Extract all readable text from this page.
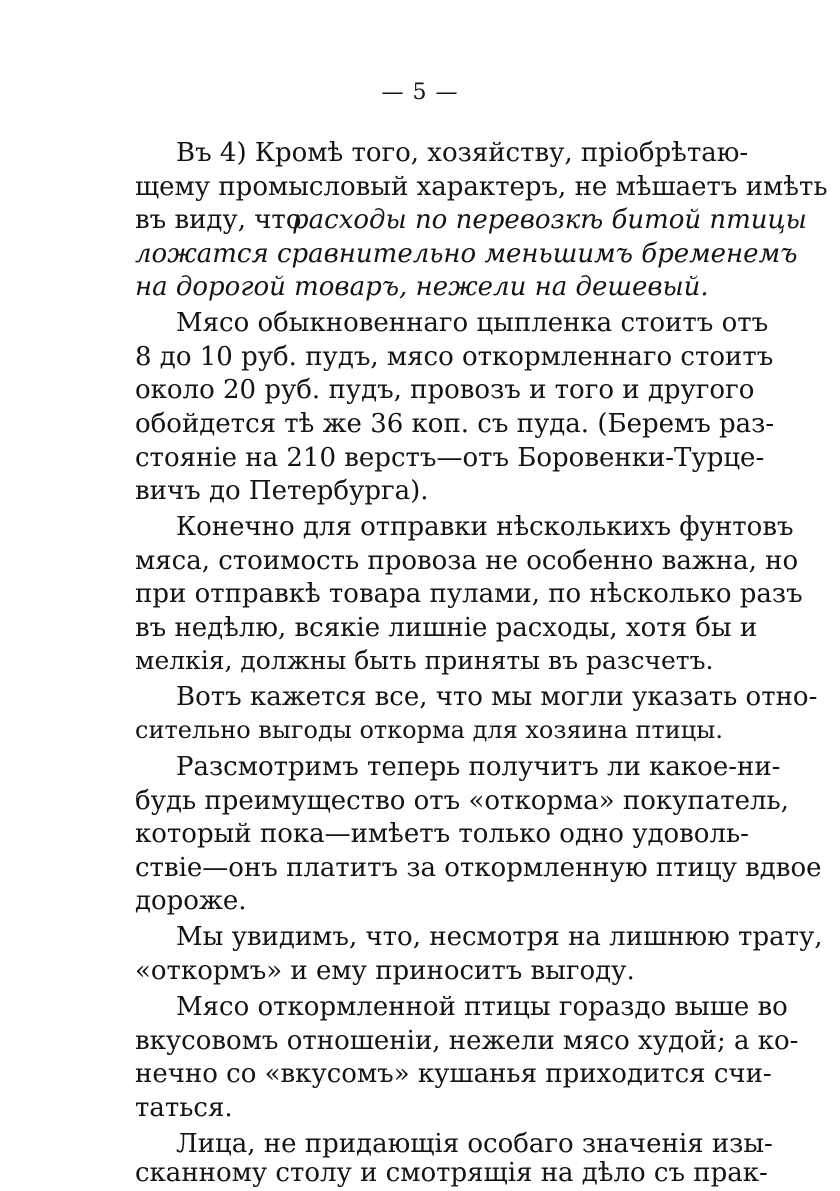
— 5 —
Въ 4) Кромѣ того, хозяйству, пріобрѣтаю-
щему промысловый характеръ, не мѣшаетъ имѣть
въ виду, что
расходы по перевозкѣ битой птицы
ложатся сравнительно меньшимъ бременемъ
на дорогой товаръ, нежели на дешевый.
Мясо обыкновеннаго цыпленка стоитъ отъ
8 до 10 руб. пудъ, мясо откормленнаго стоитъ
около 20 руб. пудъ, провозъ и того и другого
обойдется тѣ же 36 коп. съ пуда. (Беремъ раз-
стояніе на 210 верстъ—отъ Боровенки-Турце-
вичъ до Петербурга).
Конечно для отправки нѣсколькихъ фунтовъ
мяса, стоимость провоза не особенно важна, но
при отправкѣ товара пулами, по нѣсколько разъ
въ недѣлю, всякіе лишніе расходы, хотя бы и
мелкія, должны быть приняты въ разсчетъ.
Вотъ кажется все, что мы могли указать отно-
сительно выгоды откорма для хозяина птицы.
Разсмотримъ теперь получитъ ли какое-ни-
будь преимущество отъ «откорма» покупатель,
который пока—имѣетъ только одно удоволь-
ствіе—онъ платитъ за откормленную птицу вдвое
дороже.
Мы увидимъ, что, несмотря на лишнюю трату,
«откормъ» и ему приноситъ выгоду.
Мясо откормленной птицы гораздо выше во
вкусовомъ отношеніи, нежели мясо худой; а ко-
нечно со «вкусомъ» кушанья приходится счи-
таться.
Лица, не придающія особаго значенія изы-
сканному столу и смотрящія на дѣло съ прак-
